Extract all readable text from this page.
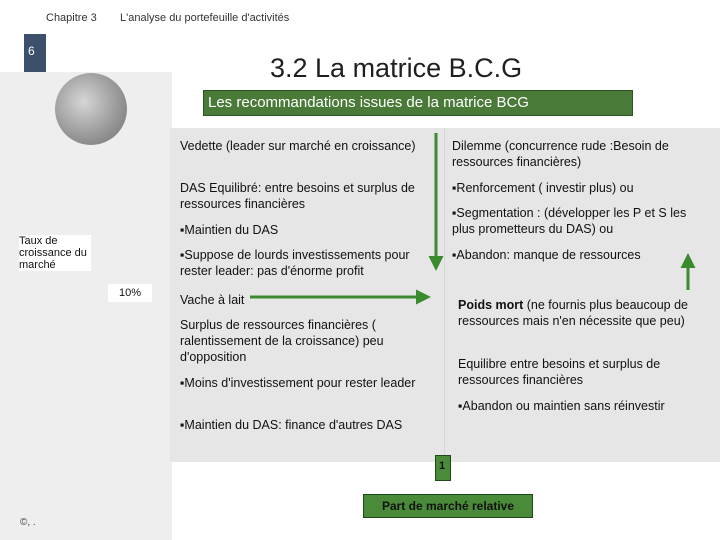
Chapitre 3 L'analyse du portefeuille d'activités
6
3.2 La matrice B.C.G
Les recommandations issues de la matrice BCG
Vedette (leader sur marché en croissance)
DAS Equilibré: entre besoins et surplus de ressources financières
▪Maintien du DAS
▪Suppose de lourds investissements pour rester leader: pas d'énorme profit
Dilemme (concurrence rude :Besoin de ressources financières)
▪Renforcement ( investir plus) ou
▪Segmentation : (développer les P et S les plus prometteurs du DAS) ou
▪Abandon: manque de ressources
Vache à lait
Surplus de ressources financières ( ralentissement de la croissance) peu d'opposition
▪Moins d'investissement pour rester leader
▪Maintien du DAS: finance d'autres DAS
Poids mort (ne fournis plus beaucoup de ressources mais n'en nécessite que peu)
Equilibre entre besoins et surplus de ressources financières
▪Abandon ou maintien sans réinvestir
Taux de croissance du marché
10%
1
Part de marché relative
©, .
